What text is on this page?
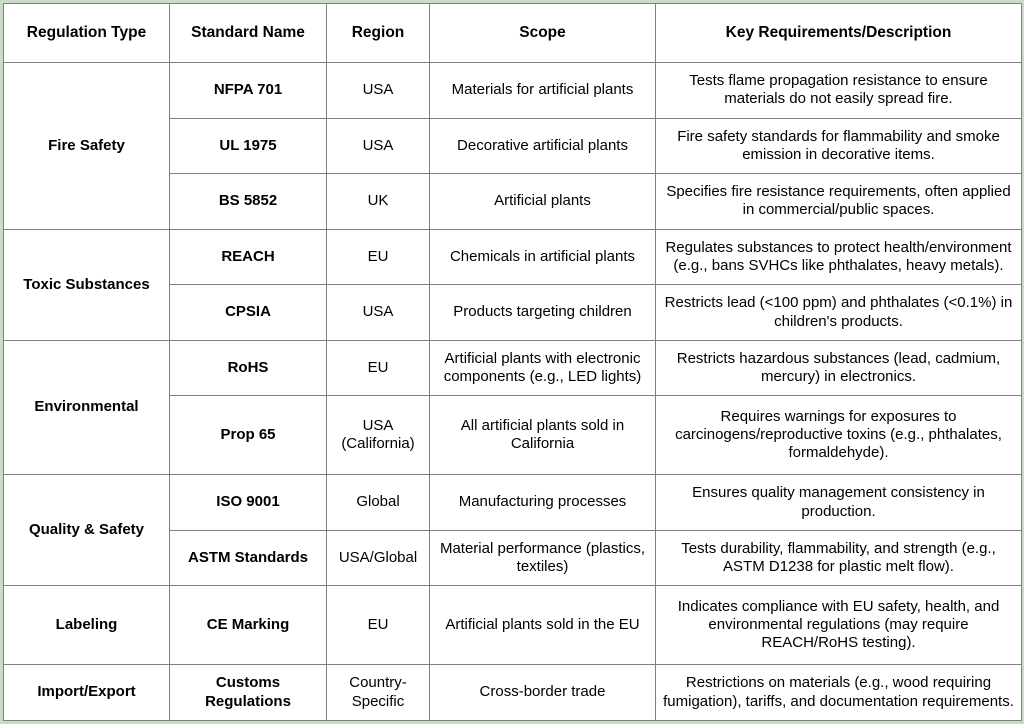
Regulation Type	Standard Name	Region	Scope	Key Requirements/Description
Fire Safety	NFPA 701	USA	Materials for artificial plants	Tests flame propagation resistance to ensure materials do not easily spread fire.
	UL 1975	USA	Decorative artificial plants	Fire safety standards for flammability and smoke emission in decorative items.
	BS 5852	UK	Artificial plants	Specifies fire resistance requirements, often applied in commercial/public spaces.
Toxic Substances	REACH	EU	Chemicals in artificial plants	Regulates substances to protect health/environment (e.g., bans SVHCs like phthalates, heavy metals).
	CPSIA	USA	Products targeting children	Restricts lead (<100 ppm) and phthalates (<0.1%) in children's products.
Environmental	RoHS	EU	Artificial plants with electronic components (e.g., LED lights)	Restricts hazardous substances (lead, cadmium, mercury) in electronics.
	Prop 65	USA (California)	All artificial plants sold in California	Requires warnings for exposures to carcinogens/reproductive toxins (e.g., phthalates, formaldehyde).
Quality & Safety	ISO 9001	Global	Manufacturing processes	Ensures quality management consistency in production.
	ASTM Standards	USA/Global	Material performance (plastics, textiles)	Tests durability, flammability, and strength (e.g., ASTM D1238 for plastic melt flow).
Labeling	CE Marking	EU	Artificial plants sold in the EU	Indicates compliance with EU safety, health, and environmental regulations (may require REACH/RoHS testing).
Import/Export	Customs Regulations	Country-Specific	Cross-border trade	Restrictions on materials (e.g., wood requiring fumigation), tariffs, and documentation requirements.
